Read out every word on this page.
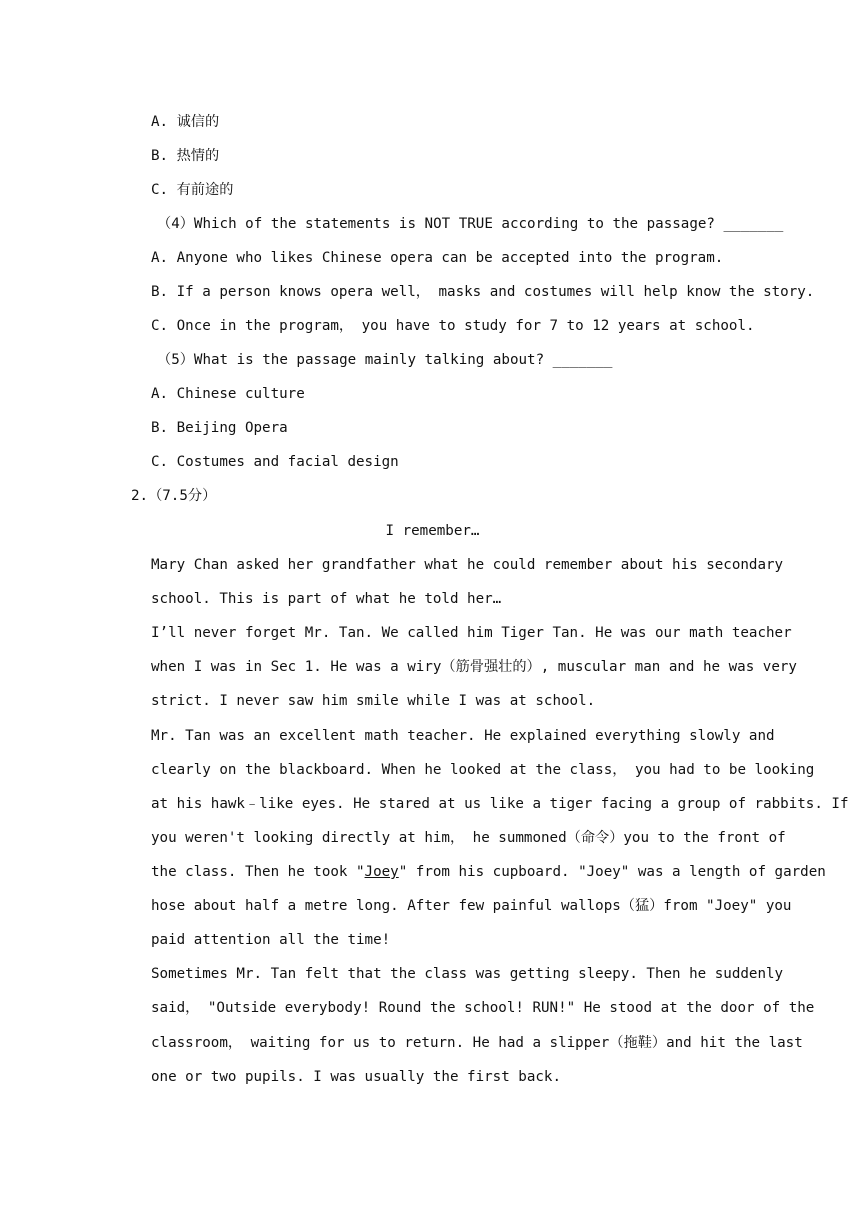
A. 诚信的
B. 热情的
C. 有前途的
（4）Which of the statements is NOT TRUE according to the passage? _______
A. Anyone who likes Chinese opera can be accepted into the program.
B. If a person knows opera well， masks and costumes will help know the story.
C. Once in the program， you have to study for 7 to 12 years at school.
（5）What is the passage mainly talking about? _______
A. Chinese culture
B. Beijing Opera
C. Costumes and facial design
2.（7.5分）
I remember…
Mary Chan asked her grandfather what he could remember about his secondary
school. This is part of what he told her…
I’ll never forget Mr. Tan. We called him Tiger Tan. He was our math teacher
when I was in Sec 1. He was a wiry（筋骨强壮的）, muscular man and he was very
strict. I never saw him smile while I was at school.
Mr. Tan was an excellent math teacher. He explained everything slowly and
clearly on the blackboard. When he looked at the class， you had to be looking
at his hawk﹣like eyes. He stared at us like a tiger facing a group of rabbits. If
you weren't looking directly at him， he summoned（命令）you to the front of
the class. Then he took "Joey" from his cupboard. "Joey" was a length of garden
hose about half a metre long. After few painful wallops（猛）from "Joey" you
paid attention all the time!
Sometimes Mr. Tan felt that the class was getting sleepy. Then he suddenly
said， "Outside everybody! Round the school! RUN!" He stood at the door of the
classroom， waiting for us to return. He had a slipper（拖鞋）and hit the last
one or two pupils. I was usually the first back.
